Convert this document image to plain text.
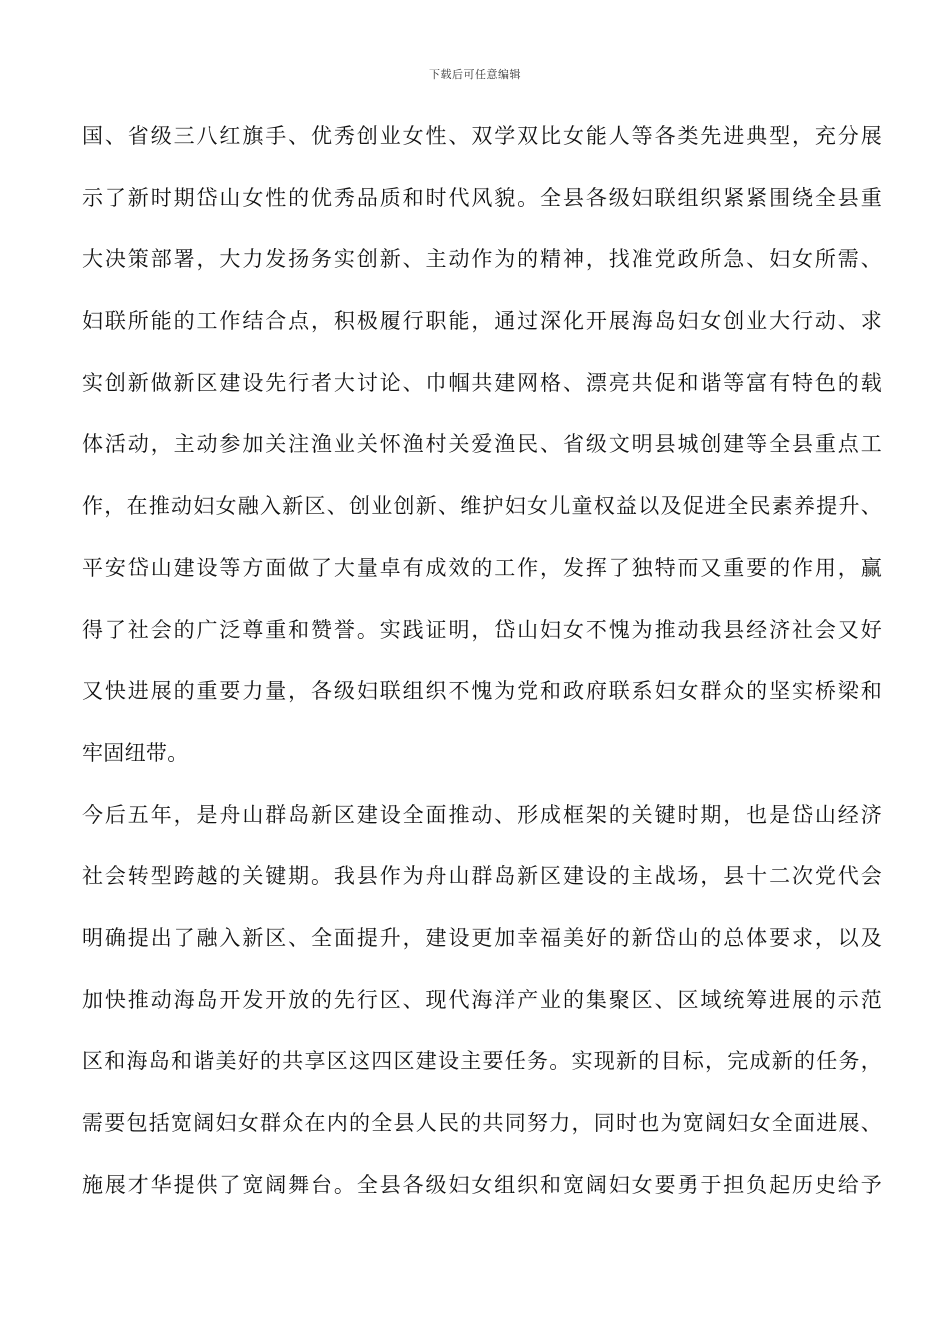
下载后可任意编辑
国、省级三八红旗手、优秀创业女性、双学双比女能人等各类先进典型，充分展
示了新时期岱山女性的优秀品质和时代风貌。全县各级妇联组织紧紧围绕全县重
大决策部署，大力发扬务实创新、主动作为的精神，找准党政所急、妇女所需、
妇联所能的工作结合点，积极履行职能，通过深化开展海岛妇女创业大行动、求
实创新做新区建设先行者大讨论、巾帼共建网格、漂亮共促和谐等富有特色的载
体活动，主动参加关注渔业关怀渔村关爱渔民、省级文明县城创建等全县重点工
作，在推动妇女融入新区、创业创新、维护妇女儿童权益以及促进全民素养提升、
平安岱山建设等方面做了大量卓有成效的工作，发挥了独特而又重要的作用，赢
得了社会的广泛尊重和赞誉。实践证明，岱山妇女不愧为推动我县经济社会又好
又快进展的重要力量，各级妇联组织不愧为党和政府联系妇女群众的坚实桥梁和
牢固纽带。
今后五年，是舟山群岛新区建设全面推动、形成框架的关键时期，也是岱山经济
社会转型跨越的关键期。我县作为舟山群岛新区建设的主战场，县十二次党代会
明确提出了融入新区、全面提升，建设更加幸福美好的新岱山的总体要求，以及
加快推动海岛开发开放的先行区、现代海洋产业的集聚区、区域统筹进展的示范
区和海岛和谐美好的共享区这四区建设主要任务。实现新的目标，完成新的任务，
需要包括宽阔妇女群众在内的全县人民的共同努力，同时也为宽阔妇女全面进展、
施展才华提供了宽阔舞台。全县各级妇女组织和宽阔妇女要勇于担负起历史给予
